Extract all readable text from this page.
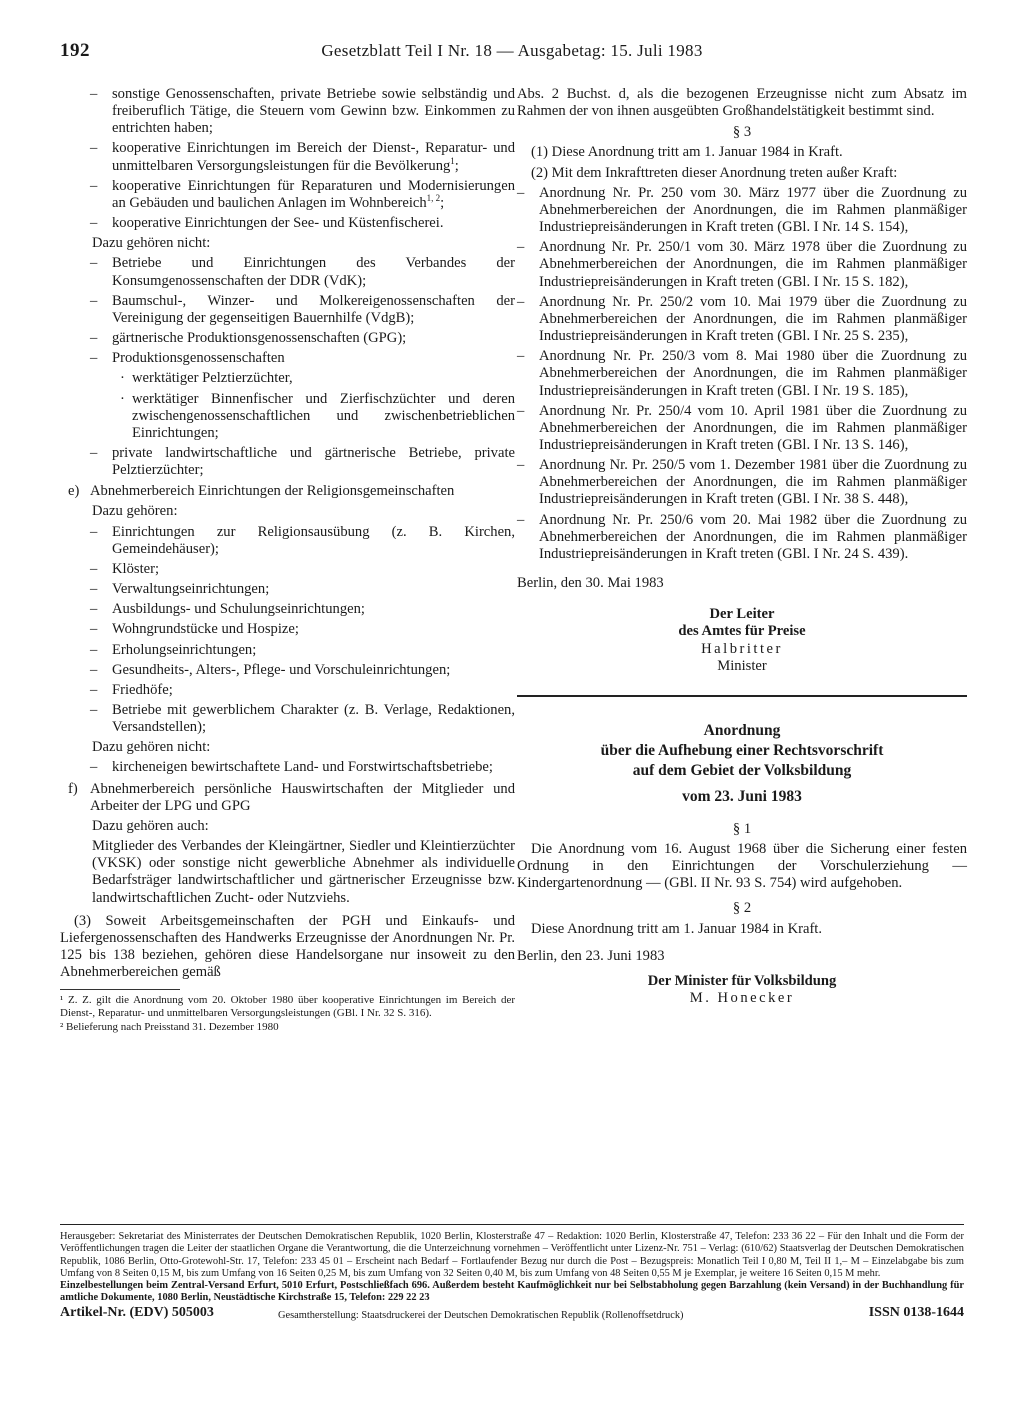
192	Gesetzblatt Teil I Nr. 18 — Ausgabetag: 15. Juli 1983
– sonstige Genossenschaften, private Betriebe sowie selbständig und freiberuflich Tätige, die Steuern vom Gewinn bzw. Einkommen zu entrichten haben;
– kooperative Einrichtungen im Bereich der Dienst-, Reparatur- und unmittelbaren Versorgungsleistungen für die Bevölkerung$^1$;
– kooperative Einrichtungen für Reparaturen und Modernisierungen an Gebäuden und baulichen Anlagen im Wohnbereich$^{1, 2}$;
– kooperative Einrichtungen der See- und Küstenfischerei.
Dazu gehören nicht:
– Betriebe und Einrichtungen des Verbandes der Konsumgenossenschaften der DDR (VdK);
– Baumschul-, Winzer- und Molkereigenossenschaften der Vereinigung der gegenseitigen Bauernhilfe (VdgB);
– gärtnerische Produktionsgenossenschaften (GPG);
– Produktionsgenossenschaften
· werktätiger Pelztierzüchter,
· werktätiger Binnenfischer und Zierfischzüchter und deren zwischengenossenschaftlichen und zwischenbetrieblichen Einrichtungen;
– private landwirtschaftliche und gärtnerische Betriebe, private Pelztierzüchter;
e) Abnehmerbereich Einrichtungen der Religionsgemeinschaften
Dazu gehören:
– Einrichtungen zur Religionsausübung (z. B. Kirchen, Gemeindehäuser);
– Klöster;
– Verwaltungseinrichtungen;
– Ausbildungs- und Schulungseinrichtungen;
– Wohngrundstücke und Hospize;
– Erholungseinrichtungen;
– Gesundheits-, Alters-, Pflege- und Vorschuleinrichtungen;
– Friedhöfe;
– Betriebe mit gewerblichem Charakter (z. B. Verlage, Redaktionen, Versandstellen);
Dazu gehören nicht:
– kircheneigen bewirtschaftete Land- und Forstwirtschaftsbetriebe;
f) Abnehmerbereich persönliche Hauswirtschaften der Mitglieder und Arbeiter der LPG und GPG
Dazu gehören auch:
Mitglieder des Verbandes der Kleingärtner, Siedler und Kleintierzüchter (VKSK) oder sonstige nicht gewerbliche Abnehmer als individuelle Bedarfsträger landwirtschaftlicher und gärtnerischer Erzeugnisse bzw. landwirtschaftlichen Zucht- oder Nutzviehs.
(3) Soweit Arbeitsgemeinschaften der PGH und Einkaufs- und Liefergenossenschaften des Handwerks Erzeugnisse der Anordnungen Nr. Pr. 125 bis 138 beziehen, gehören diese Handelsorgane nur insoweit zu den Abnehmerbereichen gemäß
¹ Z. Z. gilt die Anordnung vom 20. Oktober 1980 über kooperative Einrichtungen im Bereich der Dienst-, Reparatur- und unmittelbaren Versorgungsleistungen (GBl. I Nr. 32 S. 316).
² Belieferung nach Preisstand 31. Dezember 1980
Abs. 2 Buchst. d, als die bezogenen Erzeugnisse nicht zum Absatz im Rahmen der von ihnen ausgeübten Großhandelstätigkeit bestimmt sind.
§ 3
(1) Diese Anordnung tritt am 1. Januar 1984 in Kraft.
(2) Mit dem Inkrafttreten dieser Anordnung treten außer Kraft:
– Anordnung Nr. Pr. 250 vom 30. März 1977 über die Zuordnung zu Abnehmerbereichen der Anordnungen, die im Rahmen planmäßiger Industriepreisänderungen in Kraft treten (GBl. I Nr. 14 S. 154),
– Anordnung Nr. Pr. 250/1 vom 30. März 1978 über die Zuordnung zu Abnehmerbereichen der Anordnungen, die im Rahmen planmäßiger Industriepreisänderungen in Kraft treten (GBl. I Nr. 15 S. 182),
– Anordnung Nr. Pr. 250/2 vom 10. Mai 1979 über die Zuordnung zu Abnehmerbereichen der Anordnungen, die im Rahmen planmäßiger Industriepreisänderungen in Kraft treten (GBl. I Nr. 25 S. 235),
– Anordnung Nr. Pr. 250/3 vom 8. Mai 1980 über die Zuordnung zu Abnehmerbereichen der Anordnungen, die im Rahmen planmäßiger Industriepreisänderungen in Kraft treten (GBl. I Nr. 19 S. 185),
– Anordnung Nr. Pr. 250/4 vom 10. April 1981 über die Zuordnung zu Abnehmerbereichen der Anordnungen, die im Rahmen planmäßiger Industriepreisänderungen in Kraft treten (GBl. I Nr. 13 S. 146),
– Anordnung Nr. Pr. 250/5 vom 1. Dezember 1981 über die Zuordnung zu Abnehmerbereichen der Anordnungen, die im Rahmen planmäßiger Industriepreisänderungen in Kraft treten (GBl. I Nr. 38 S. 448),
– Anordnung Nr. Pr. 250/6 vom 20. Mai 1982 über die Zuordnung zu Abnehmerbereichen der Anordnungen, die im Rahmen planmäßiger Industriepreisänderungen in Kraft treten (GBl. I Nr. 24 S. 439).
Berlin, den 30. Mai 1983
Der Leiter
des Amtes für Preise
Halbritter
Minister
Anordnung
über die Aufhebung einer Rechtsvorschrift
auf dem Gebiet der Volksbildung
vom 23. Juni 1983
§ 1
Die Anordnung vom 16. August 1968 über die Sicherung einer festen Ordnung in den Einrichtungen der Vorschulerziehung — Kindergartenordnung — (GBl. II Nr. 93 S. 754) wird aufgehoben.
§ 2
Diese Anordnung tritt am 1. Januar 1984 in Kraft.
Berlin, den 23. Juni 1983
Der Minister für Volksbildung
M. Honecker
Herausgeber: Sekretariat des Ministerrates der Deutschen Demokratischen Republik, 1020 Berlin, Klosterstraße 47 – Redaktion: 1020 Berlin, Klosterstraße 47, Telefon: 233 36 22 – Für den Inhalt und die Form der Veröffentlichungen tragen die Leiter der staatlichen Organe die Verantwortung, die die Unterzeichnung vornehmen – Veröffentlicht unter Lizenz-Nr. 751 – Verlag: (610/62) Staatsverlag der Deutschen Demokratischen Republik, 1086 Berlin, Otto-Grotewohl-Str. 17, Telefon: 233 45 01 – Erscheint nach Bedarf – Fortlaufender Bezug nur durch die Post – Bezugspreis: Monatlich Teil I 0,80 M, Teil II 1,– M – Einzelabgabe bis zum Umfang von 8 Seiten 0,15 M, bis zum Umfang von 16 Seiten 0,25 M, bis zum Umfang von 32 Seiten 0,40 M, bis zum Umfang von 48 Seiten 0,55 M je Exemplar, je weitere 16 Seiten 0,15 M mehr.
Einzelbestellungen beim Zentral-Versand Erfurt, 5010 Erfurt, Postschließfach 696. Außerdem besteht Kaufmöglichkeit nur bei Selbstabholung gegen Barzahlung (kein Versand) in der Buchhandlung für amtliche Dokumente, 1080 Berlin, Neustädtische Kirchstraße 15, Telefon: 229 22 23
Artikel-Nr. (EDV) 505003	Gesamtherstellung: Staatsdruckerei der Deutschen Demokratischen Republik (Rollenoffsetdruck)	ISSN 0138-1644
